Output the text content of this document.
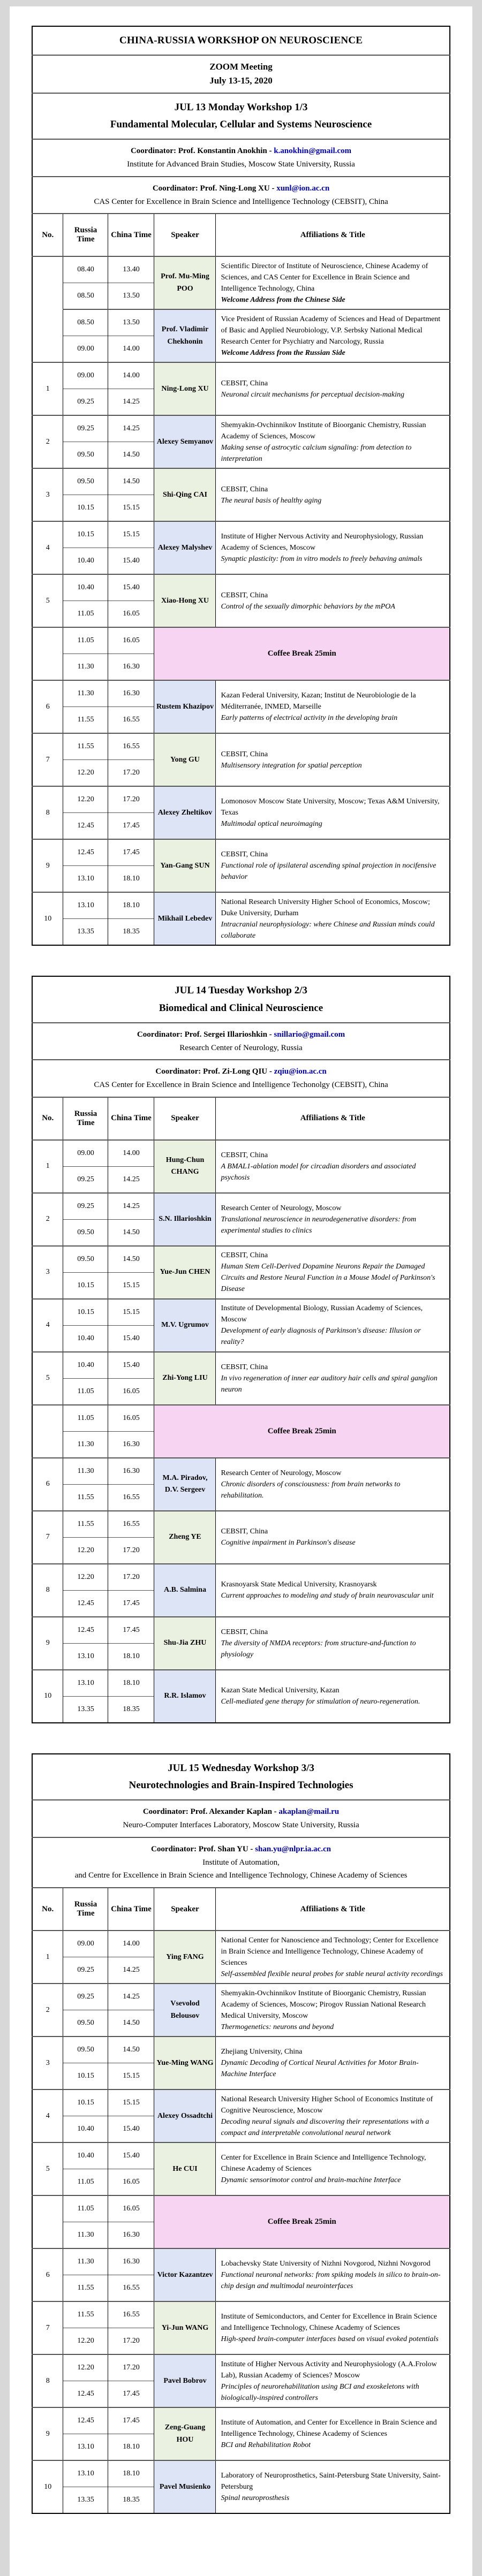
CHINA-RUSSIA WORKSHOP ON NEUROSCIENCE				

ZOOM Meeting
July 13-15, 2020				

JUL 13 Monday Workshop 1/3
Fundamental Molecular, Cellular and Systems Neuroscience				

Coordinator: Prof. Konstantin Anokhin - k.anokhin@gmail.com
Institute for Advanced Brain Studies, Moscow State University, Russia				

Coordinator: Prof. Ning-Long XU - xunl@ion.ac.cn
CAS Center for Excellence in Brain Science and Intelligence Technology (CEBSIT), China				

No.	Russia Time	China Time	Speaker	Affiliations & Title
	08.40	13.40	Prof. Mu-Ming POO	Scientific Director of Institute of Neuroscience, Chinese Academy of Sciences, and CAS Center for Excellence in Brain Science and Intelligence Technology, China
Welcome Address from the Chinese Side

	08.50	13.50		
	08.50	13.50	Prof. Vladimir Chekhonin	Vice President of Russian Academy of Sciences and Head of Department of Basic and Applied Neurobiology, V.P. Serbsky National Medical Research Center for Psychiatry and Narcology, Russia
Welcome Address from the Russian Side

	09.00	14.00		
1	09.00	14.00	Ning-Long XU	CEBSIT, China
Neuronal circuit mechanisms for perceptual decision-making

	09.25	14.25		
2	09.25	14.25	Alexey Semyanov	Shemyakin-Ovchinnikov Institute of Bioorganic Chemistry, Russian Academy of Sciences, Moscow
Making sense of astrocytic calcium signaling: from detection to interpretation

	09.50	14.50		
3	09.50	14.50	Shi-Qing CAI	CEBSIT, China
The neural basis of healthy aging

	10.15	15.15		
4	10.15	15.15	Alexey Malyshev	Institute of Higher Nervous Activity and Neurophysiology, Russian Academy of Sciences, Moscow
Synaptic plasticity: from in vitro models to freely behaving animals

	10.40	15.40		
5	10.40	15.40	Xiao-Hong XU	CEBSIT, China
Control of the sexually dimorphic behaviors by the mPOA

	11.05	16.05		
	11.05	16.05	Coffee Break 25min	
	11.30	16.30		
6	11.30	16.30	Rustem Khazipov	Kazan Federal University, Kazan; Institut de Neurobiologie de la Méditerranée, INMED, Marseille
Early patterns of electrical activity in the developing brain

	11.55	16.55		
7	11.55	16.55	Yong GU	CEBSIT, China
Multisensory integration for spatial perception

	12.20	17.20		
8	12.20	17.20	Alexey Zheltikov	Lomonosov Moscow State University, Moscow; Texas A&M University, Texas
Multimodal optical neuroimaging

	12.45	17.45		
9	12.45	17.45	Yan-Gang SUN	CEBSIT, China
Functional role of ipsilateral ascending spinal projection in nocifensive behavior

	13.10	18.10		
10	13.10	18.10	Mikhail Lebedev	National Research University Higher School of Economics, Moscow; Duke University, Durham
Intracranial neurophysiology: where Chinese and Russian minds could collaborate

	13.35	18.35		
JUL 14 Tuesday Workshop 2/3
Biomedical and Clinical Neuroscience				

Coordinator: Prof. Sergei Illarioshkin - snillario@gmail.com
Research Center of Neurology, Russia				

Coordinator: Prof. Zi-Long QIU - zqiu@ion.ac.cn
CAS Center for Excellence in Brain Science and Intelligence Techonolgy (CEBSIT), China				

No.	Russia Time	China Time	Speaker	Affiliations & Title
1	09.00	14.00	Hung-Chun CHANG	CEBSIT, China
A BMAL1-ablation model for circadian disorders and associated psychosis

	09.25	14.25		
2	09.25	14.25	S.N. Illarioshkin	Research Center of Neurology, Moscow
Translational neuroscience in neurodegenerative disorders: from experimental studies to clinics

	09.50	14.50		
3	09.50	14.50	Yue-Jun CHEN	CEBSIT, China
Human Stem Cell-Derived Dopamine Neurons Repair the Damaged Circuits and Restore Neural Function in a Mouse Model of Parkinson's Disease

	10.15	15.15		
4	10.15	15.15	M.V. Ugrumov	Institute of Developmental Biology, Russian Academy of Sciences, Moscow
Development of early diagnosis of Parkinson's disease: Illusion or reality?

	10.40	15.40		
5	10.40	15.40	Zhi-Yong LIU	CEBSIT, China
In vivo regeneration of inner ear auditory hair cells and spiral ganglion neuron

	11.05	16.05		
	11.05	16.05	Coffee Break 25min	
	11.30	16.30		
6	11.30	16.30	M.A. Piradov, D.V. Sergeev	Research Center of Neurology, Moscow
Chronic disorders of consciousness: from brain networks to rehabilitation.

	11.55	16.55		
7	11.55	16.55	Zheng YE	CEBSIT, China
Cognitive impairment in Parkinson's disease

	12.20	17.20		
8	12.20	17.20	A.B. Salmina	Krasnoyarsk State Medical University, Krasnoyarsk
Current approaches to modeling and study of brain neurovascular unit

	12.45	17.45		
9	12.45	17.45	Shu-Jia ZHU	CEBSIT, China
The diversity of NMDA receptors: from structure-and-function to physiology

	13.10	18.10		
10	13.10	18.10	R.R. Islamov	Kazan State Medical University, Kazan
Cell-mediated gene therapy for stimulation of neuro-regeneration.

	13.35	18.35		
JUL 15 Wednesday Workshop 3/3
Neurotechnologies and Brain-Inspired Technologies				

Coordinator: Prof. Alexander Kaplan - akaplan@mail.ru
Neuro-Computer Interfaces Laboratory, Moscow State University, Russia				

Coordinator: Prof. Shan YU - shan.yu@nlpr.ia.ac.cn
Institute of Automation,
and Centre for Excellence in Brain Science and Intelligence Technology, Chinese Academy of Sciences				

No.	Russia Time	China Time	Speaker	Affiliations & Title
1	09.00	14.00	Ying FANG	National Center for Nanoscience and Technology; Center for Excellence in Brain Science and Intelligence Technology, Chinese Academy of Sciences
Self-assembled flexible neural probes for stable neural activity recordings

	09.25	14.25		
2	09.25	14.25	Vsevolod Belousov	Shemyakin-Ovchinnikov Institute of Bioorganic Chemistry, Russian Academy of Sciences, Moscow; Pirogov Russian National Research Medical University, Moscow
Thermogenetics: neurons and beyond

	09.50	14.50		
3	09.50	14.50	Yue-Ming WANG	Zhejiang University, China
Dynamic Decoding of Cortical Neural Activities for Motor Brain-Machine Interface

	10.15	15.15		
4	10.15	15.15	Alexey Ossadtchi	National Research University Higher School of Economics Institute of Cognitive Neuroscience, Moscow
Decoding neural signals and discovering their representations with a compact and interpretable convolutional neural network

	10.40	15.40		
5	10.40	15.40	He CUI	Center for Excellence in Brain Science and Intelligence Technology, Chinese Academy of Sciences
Dynamic sensorimotor control and brain-machine Interface

	11.05	16.05		
	11.05	16.05	Coffee Break 25min	
	11.30	16.30		
6	11.30	16.30	Victor Kazantzev	Lobachevsky State University of Nizhni Novgorod, Nizhni Novgorod
Functional neuronal networks: from spiking models in silico to brain-on-chip design and multimodal neurointerfaces

	11.55	16.55		
7	11.55	16.55	Yi-Jun WANG	Institute of Semiconductors, and Center for Excellence in Brain Science and Intelligence Technology, Chinese Academy of Sciences
High-speed brain-computer interfaces based on visual evoked potentials

	12.20	17.20		
8	12.20	17.20	Pavel Bobrov	Institute of Higher Nervous Activity and Neurophysiology (A.A.Frolow Lab), Russian Academy of Sciences? Moscow
Principles of neurorehabilitation using BCI and exoskeletons with biologically-inspired controllers

	12.45	17.45		
9	12.45	17.45	Zeng-Guang HOU	Institute of Automation, and Center for Excellence in Brain Science and Intelligence Technology, Chinese Academy of Sciences
BCI and Rehabilitation Robot

	13.10	18.10		
10	13.10	18.10	Pavel Musienko	Laboratory of Neuroprosthetics, Saint-Petersburg State University, Saint-Petersburg
Spinal neuroprosthesis

	13.35	18.35		
